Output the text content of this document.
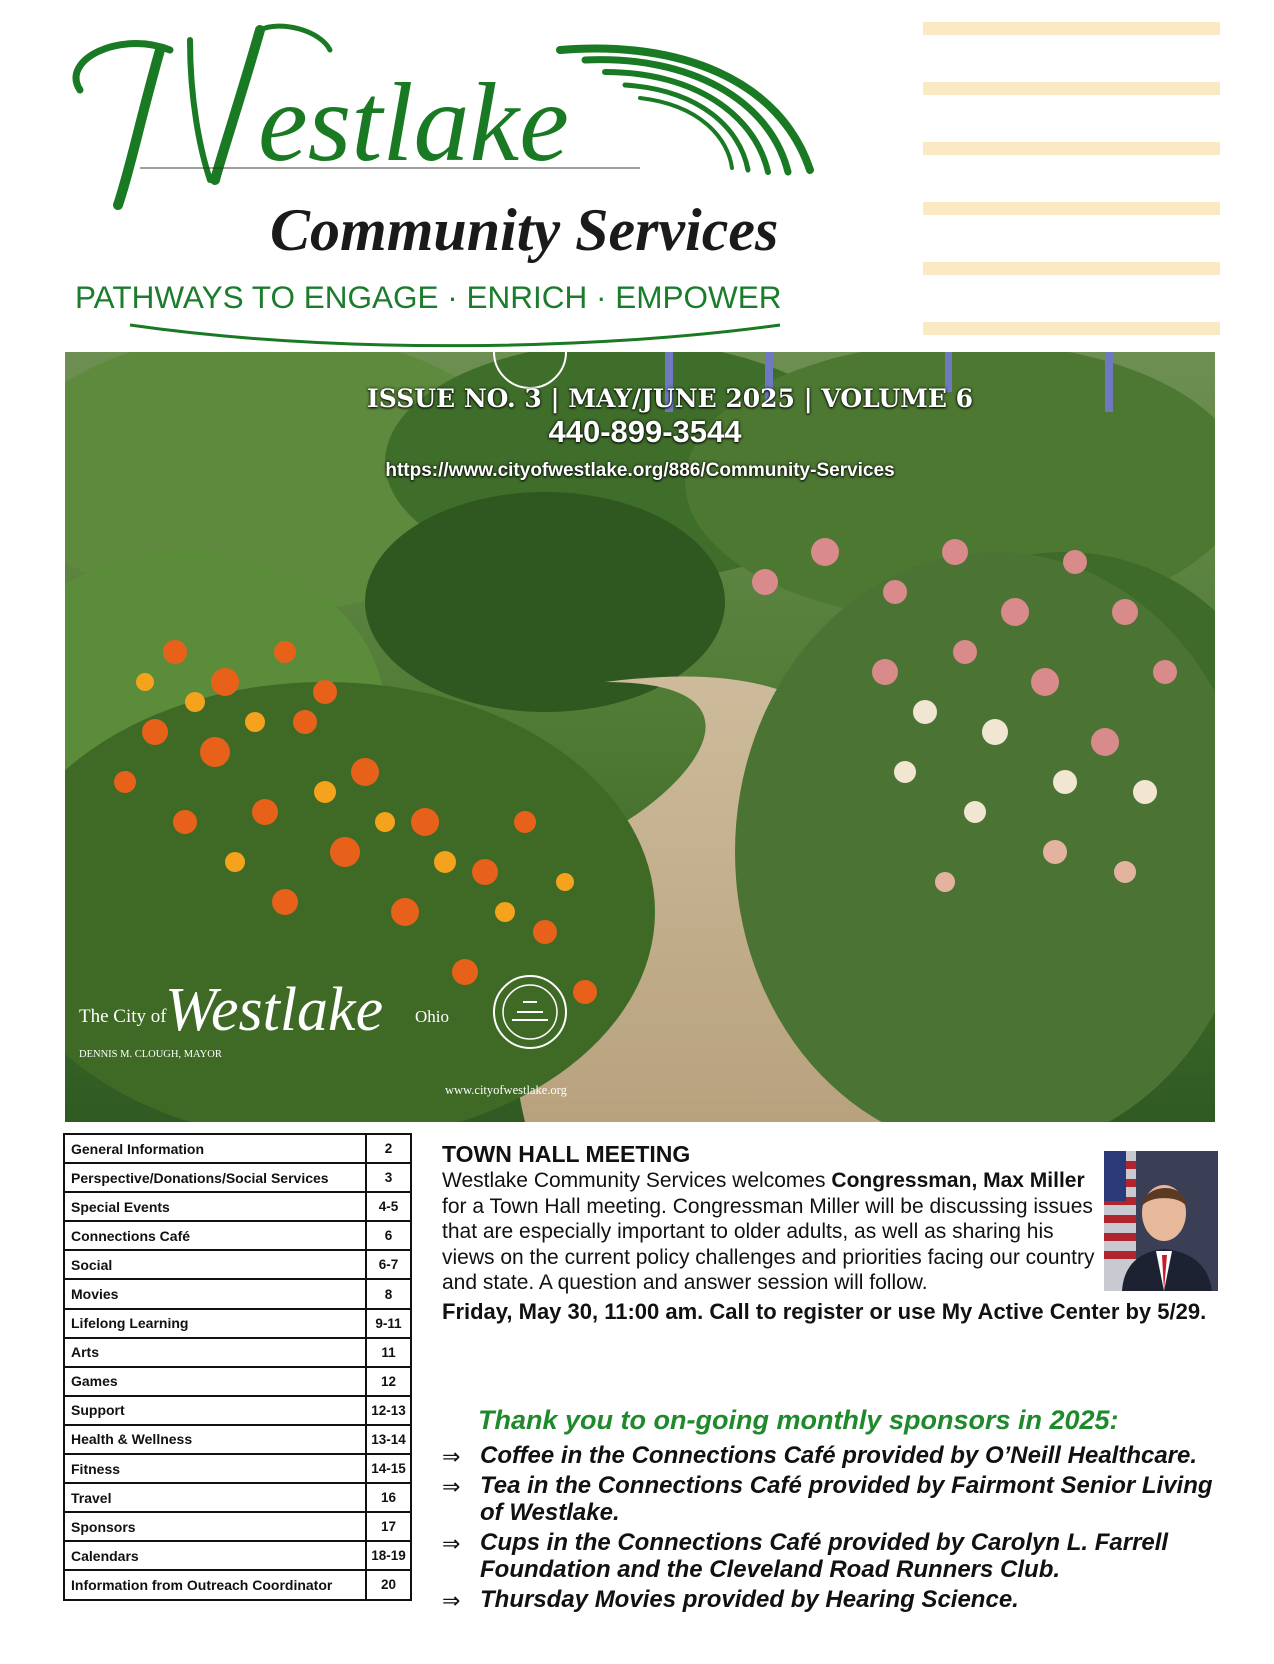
estlake
Community Services
PATHWAYS TO ENGAGE · ENRICH · EMPOWER
The City of
Westlake Ohio
DENNIS M. CLOUGH, MAYOR
www.cityofwestlake.org
ISSUE NO. 3 | MAY/JUNE 2025 | VOLUME 6
440-899-3544
https://www.cityofwestlake.org/886/Community-Services
General Information	2
Perspective/Donations/Social Services	3
Special Events	4-5
Connections Café	6
Social	6-7
Movies	8
Lifelong Learning	9-11
Arts	11
Games	12
Support	12-13
Health & Wellness	13-14
Fitness	14-15
Travel	16
Sponsors	17
Calendars	18-19
Information from Outreach Coordinator	20
TOWN HALL MEETING
Westlake Community Services welcomes Congressman, Max Miller for a Town Hall meeting. Congressman Miller will be discussing issues that are especially important to older adults, as well as sharing his views on the current policy challenges and priorities facing our country and state. A question and answer session will follow.
Friday, May 30, 11:00 am. Call to register or use My Active Center by 5/29.
Thank you to on-going monthly sponsors in 2025:
⇒ Coffee in the Connections Café provided by O’Neill Healthcare.
⇒ Tea in the Connections Café provided by Fairmont Senior Living of Westlake.
⇒ Cups in the Connections Café provided by Carolyn L. Farrell Foundation and the Cleveland Road Runners Club.
⇒ Thursday Movies provided by Hearing Science.
